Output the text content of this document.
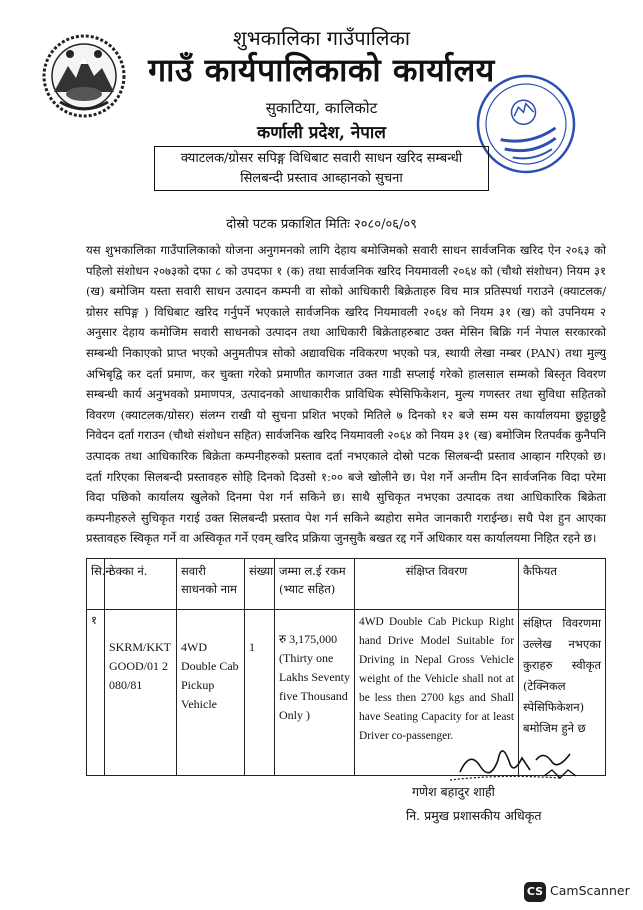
शुभकालिका गाउँपालिका
गाउँ कार्यपालिकाको कार्यालय
सुकाटिया, कालिकोट
कर्णाली प्रदेश, नेपाल
क्याटलक/ग्रोसर सपिङ्ग विधिबाट सवारी साधन खरिद सम्बन्धी
सिलबन्दी प्रस्ताव आब्हानको सुचना
दोस्रो पटक प्रकाशित मितिः २०८०/०६/०९

यस शुभकालिका गाउँपालिकाको योजना अनुगमनको लागि देहाय बमोजिमको सवारी साधन सार्वजनिक खरिद ऐन २०६३ को पहिलो संशोधन २०७३को दफा ८ को उपदफा १ (क) तथा सार्वजनिक खरिद नियमावली २०६४ को (चौथो संशोधन) नियम ३१ (ख) बमोजिम यस्ता सवारी साधन उत्पादन कम्पनी वा सोको आधिकारी बिक्रेताहरु विच मात्र प्रतिस्पर्धा गराउने (क्याटलक/ग्रोसर सपिङ्ग ) विधिबाट खरिद गर्नुपर्ने भएकाले सार्वजनिक खरिद नियमावली २०६४ को नियम ३१ (ख) को उपनियम २ अनुसार देहाय कमोजिम सवारी साधनको उत्पादन तथा आधिकारी बिक्रेताहरुबाट उक्त मेसिन बिक्रि गर्न नेपाल सरकारको सम्बन्धी निकाएको प्राप्त भएको अनुमतीपत्र सोको अद्यावधिक नविकरण भएको पत्र, स्थायी लेखा नम्बर (PAN) तथा मुल्यु अभिबृद्वि कर दर्ता प्रमाण, कर चुक्ता गरेको प्रमाणीत कागजात उक्त गाडी सप्लाई गरेको हालसाल सम्मको बिस्तृत विवरण सम्बन्धी कार्य अनुभवको प्रमाणपत्र, उत्पादनको आधाकारीक प्राविधिक स्पेसिफिकेशन, मुल्य गणस्तर तथा सुविधा सहितको विवरण (क्याटलक/ग्रोसर) संलग्न राखी यो सुचना प्रशित भएको मितिले ७ दिनको १२ बजे सम्म यस कार्यालयमा छुट्टाछुट्टै निवेदन दर्ता गराउन (चौथो संशोधन सहित) सार्वजनिक खरिद नियमावली २०६४ को नियम ३१ (ख) बमोजिम रितपर्वक कुनैपनि उत्पादक तथा आधिकारिक बिक्रेता कम्पनीहरुको प्रस्ताव दर्ता नभएकाले दोस्रो पटक सिलबन्दी प्रस्ताव आव्हान गरिएको छ। दर्ता गरिएका सिलबन्दी प्रस्तावहरु सोहि दिनको दिउसो १:०० बजे खोलीने छ। पेश गर्ने अन्तीम दिन सार्वजनिक विदा परेमा विदा पछिको कार्यालय खुलेको दिनमा पेश गर्न सकिने छ। साथै सुचिकृत नभएका उत्पादक तथा आधिकारिक बिक्रेता कम्पनीहरुले सुचिकृत गराई उक्त सिलबन्दी प्रस्ताव पेश गर्न सकिने ब्यहोरा समेत जानकारी गराईन्छ। सधै पेश हुन आएका प्रस्तावहरु स्विकृत गर्ने वा अस्विकृत गर्ने एवम् खरिद प्रक्रिया जुनसुकै बखत रद्द गर्ने अधिकार यस कार्यालयमा निहित रहने छ।

सि.न	ठेक्का नं.	सवारी साधनको नाम	संख्या	जम्मा ल.ई रकम (भ्याट सहित)	संक्षिप्त विवरण	कैफियत
१	SKRM/KKTGOOD/01 2080/81	4WD Double Cab Pickup Vehicle	1	रु 3,175,000 (Thirty one Lakhs Seventy five Thousand Only )	4WD Double Cab Pickup Right hand Drive Model Suitable for Driving in Nepal Gross Vehicle weight of the Vehicle shall not at be less then 2700 kgs and Shall have Seating Capacity for at least Driver co-passenger.	संक्षिप्त विवरणमा उल्लेख नभएका कुराहरु स्वीकृत (टेक्निकल स्पेसिफिकेशन) बमोजिम हुने छ
गणेश बहादुर शाही
नि. प्रमुख प्रशासकीय अधिकृत
CS CamScanner
